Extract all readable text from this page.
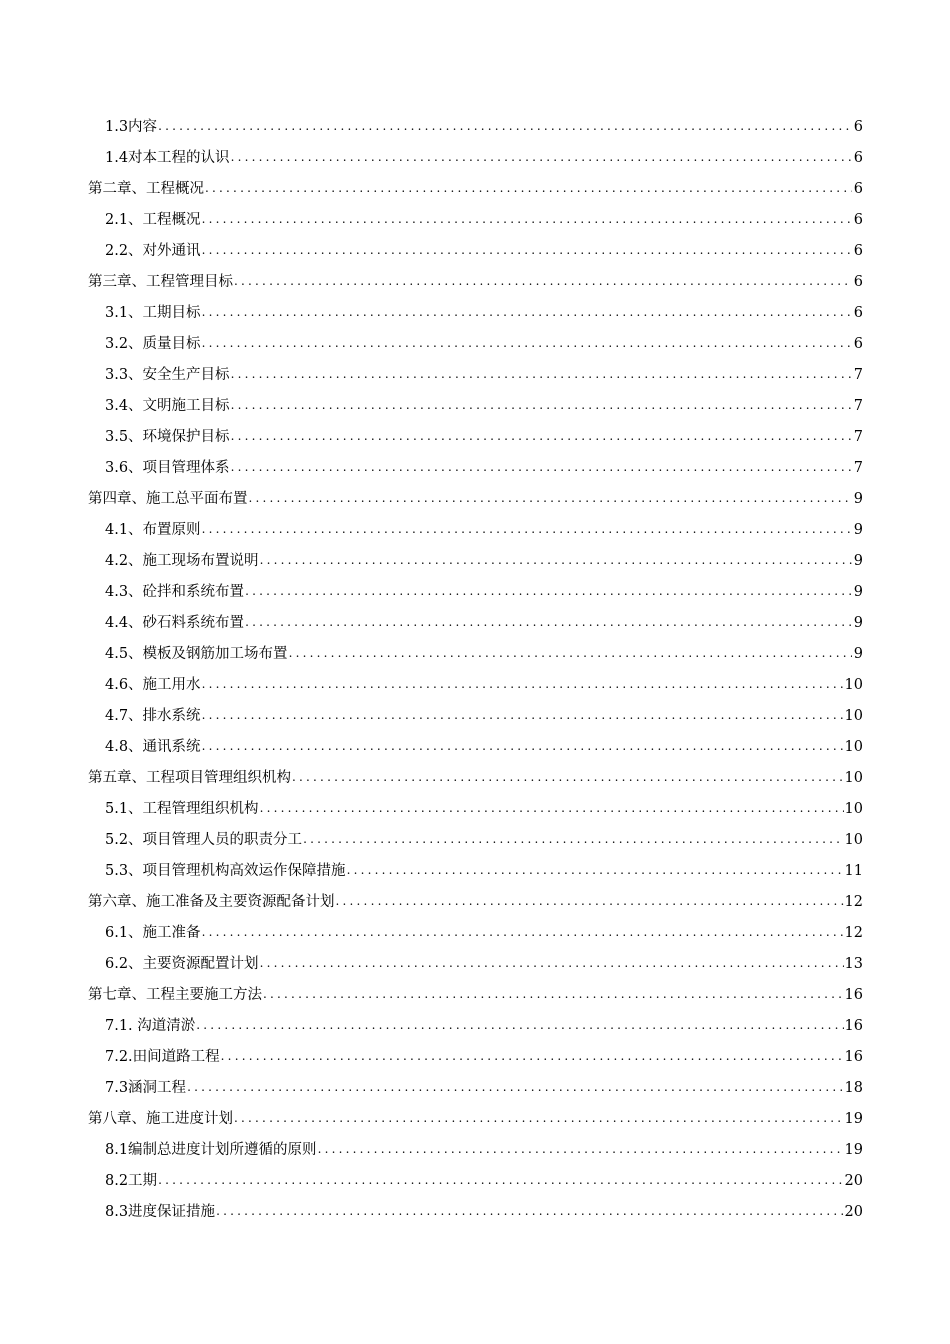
1.3内容 .....	6
1.4对本工程的认识 .....	6
第二章、工程概况 .....	6
2.1、工程概况 .....	6
2.2、对外通讯 .....	6
第三章、工程管理目标 .....	6
3.1、工期目标 .....	6
3.2、质量目标 .....	6
3.3、安全生产目标 .....	7
3.4、文明施工目标 .....	7
3.5、环境保护目标 .....	7
3.6、项目管理体系 .....	7
第四章、施工总平面布置 .....	9
4.1、布置原则 .....	9
4.2、施工现场布置说明 .....	9
4.3、砼拌和系统布置 .....	9
4.4、砂石料系统布置 .....	9
4.5、模板及钢筋加工场布置 .....	9
4.6、施工用水 .....	10
4.7、排水系统 .....	10
4.8、通讯系统 .....	10
第五章、工程项目管理组织机构 .....	10
5.1、工程管理组织机构 .....	10
5.2、项目管理人员的职责分工 .....	10
5.3、项目管理机构高效运作保障措施 .....	11
第六章、施工准备及主要资源配备计划 .....	12
6.1、施工准备 .....	12
6.2、主要资源配置计划 .....	13
第七章、工程主要施工方法 .....	16
7.1. 沟道清淤 .....	16
7.2.田间道路工程 .....	16
7.3涵洞工程 .....	18
第八章、施工进度计划 .....	19
8.1编制总进度计划所遵循的原则 .....	19
8.2工期 .....	20
8.3进度保证措施 .....	20
